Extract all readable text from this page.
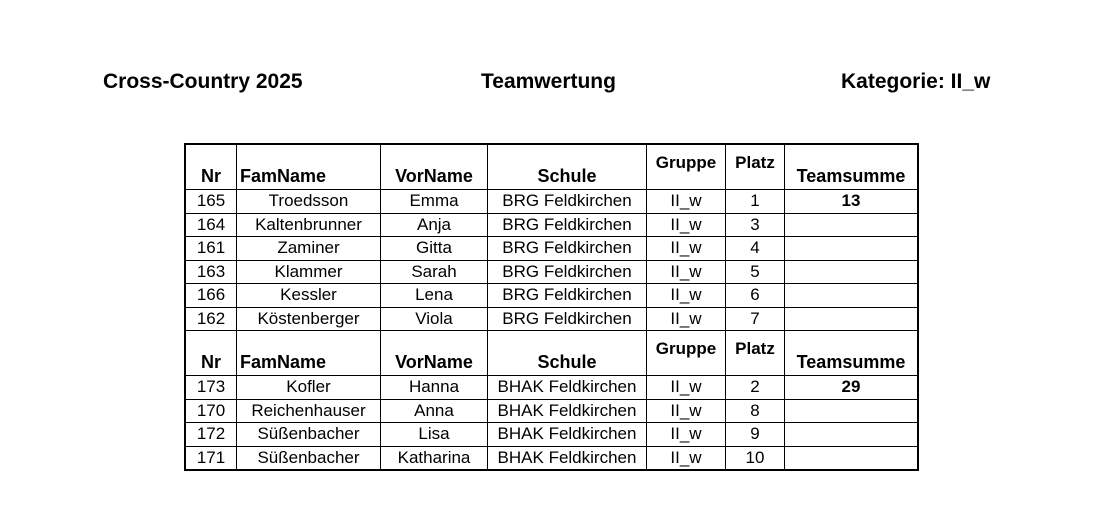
Cross-Country 2025	Teamwertung	Kategorie: II_w
Nr	FamName	VorName	Schule	Gruppe	Platz	Teamsumme
165	Troedsson	Emma	BRG Feldkirchen	II_w	1	13
164	Kaltenbrunner	Anja	BRG Feldkirchen	II_w	3	
161	Zaminer	Gitta	BRG Feldkirchen	II_w	4	
163	Klammer	Sarah	BRG Feldkirchen	II_w	5	
166	Kessler	Lena	BRG Feldkirchen	II_w	6	
162	Köstenberger	Viola	BRG Feldkirchen	II_w	7	
Nr	FamName	VorName	Schule	Gruppe	Platz	Teamsumme
173	Kofler	Hanna	BHAK Feldkirchen	II_w	2	29
170	Reichenhauser	Anna	BHAK Feldkirchen	II_w	8	
172	Süßenbacher	Lisa	BHAK Feldkirchen	II_w	9	
171	Süßenbacher	Katharina	BHAK Feldkirchen	II_w	10	
